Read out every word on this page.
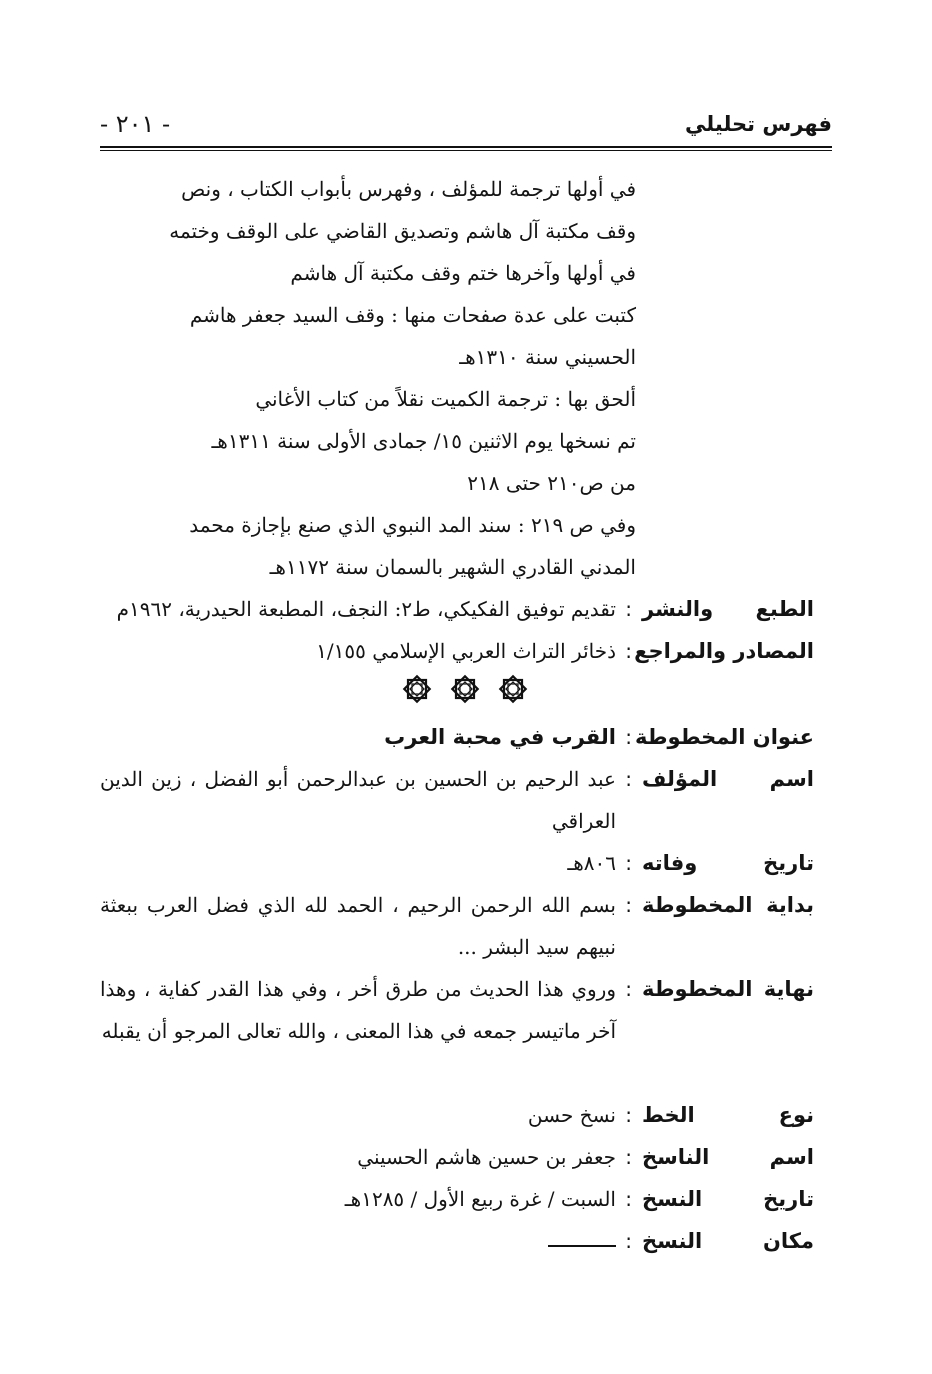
- ٢٠١ -	فهرس تحليلي
في أولها ترجمة للمؤلف ، وفهرس بأبواب الكتاب ، ونص
وقف مكتبة آل هاشم وتصديق القاضي على الوقف وختمه
في أولها وآخرها ختم وقف مكتبة آل هاشم
كتبت على عدة صفحات منها : وقف السيد جعفر هاشم
الحسيني سنة ١٣١٠هـ
ألحق بها : ترجمة الكميت نقلاً من كتاب الأغاني
تم نسخها يوم الاثنين ١٥/ جمادى الأولى سنة ١٣١١هـ
من ص٢١٠ حتى ٢١٨
وفي ص ٢١٩ : سند المد النبوي الذي صنع بإجازة محمد
المدني القادري الشهير بالسمان سنة ١١٧٢هـ
الطبع والنشر
:
تقديم توفيق الفكيكي، ط٢: النجف، المطبعة الحيدرية، ١٩٦٢م
المصادر والمراجع
:
ذخائر التراث العربي الإسلامي ١/١٥٥
عنوان المخطوطة
:
القرب في محبة العرب
اسم المؤلف
:
عبد الرحيم بن الحسين بن عبدالرحمن أبو الفضل ، زين الدين العراقي
تاريخ وفاته
:
٨٠٦هـ
بداية المخطوطة
:
بسم الله الرحمن الرحيم ، الحمد لله الذي فضل العرب ببعثة نبيهم سيد البشر ...
نهاية المخطوطة
:
وروي هذا الحديث من طرق أخر ، وفي هذا القدر كفاية ، وهذا آخر ماتيسر جمعه في هذا المعنى ، والله تعالى المرجو أن يقبله
نوع الخط
:
نسخ حسن
اسم الناسخ
:
جعفر بن حسين هاشم الحسيني
تاريخ النسخ
:
السبت / غرة ربيع الأول / ١٢٨٥هـ
مكان النسخ
:
